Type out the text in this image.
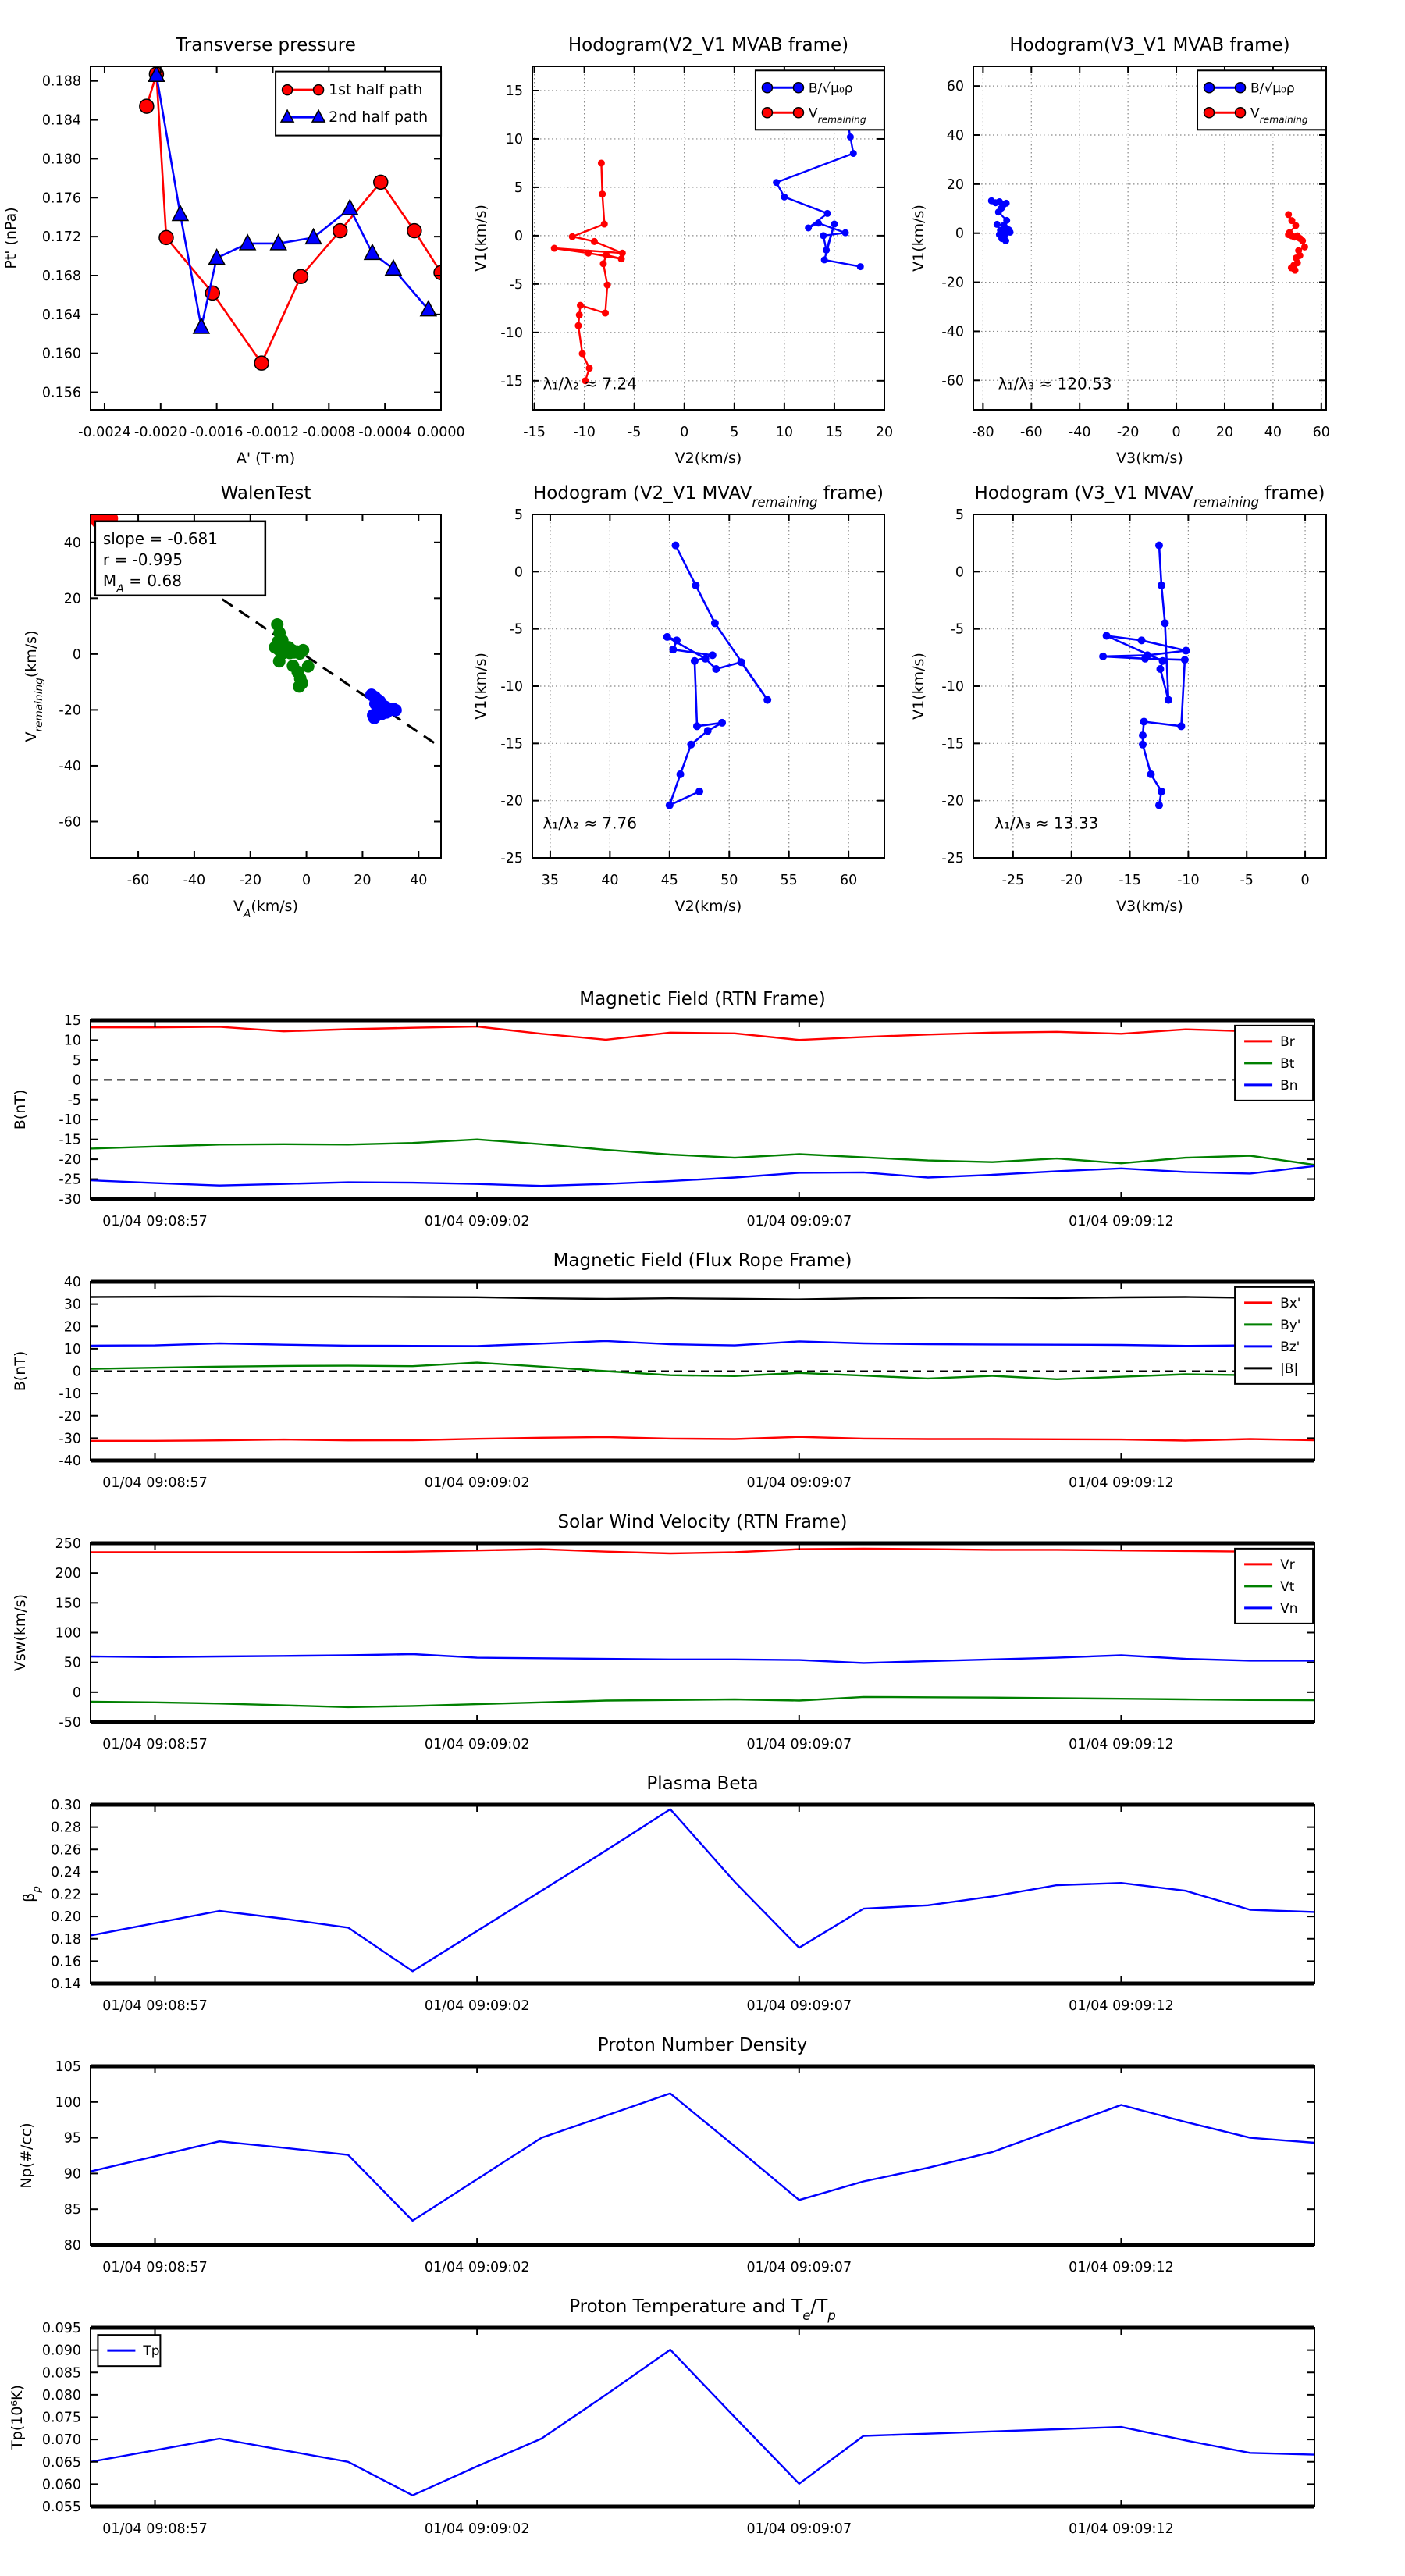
-0.0024 -0.0020 -0.0016 -0.0012 -0.0008 -0.0004 0.0000
0.156
0.160
0.164
0.168
0.172
0.176
0.180
0.184
0.188
Transverse pressure
A' (T·m)
Pt' (nPa)
1st half path
2nd half path
-15 -10 -5	0	5	10 15 20
-15
-10
-5
0
5
10
15
Hodogram(V2_V1 MVAB frame)
V2(km/s)
V1(km/s)
B/√μ₀ρ
$V_{remaining}$
λ₁/λ₂ ≈ 7.24
-80 -60 -40 -20 0	20 40 60
-60
-40
-20
0
20
40
60
Hodogram(V3_V1 MVAB frame)
V3(km/s)
V1(km/s)
B/√μ₀ρ
$V_{remaining}$
λ₁/λ₃ ≈ 120.53
-60 -40 -20	0	20	40
-60
-40
-20
0
20
40
WalenTest
$V_A(km/s)$
$V_{remaining}(km/s)$
slope = -0.681
r = -0.995
$M_A = 0.68$
35	40	45	50	55	60
-25
-20
-15
-10
-5
0
5
Hodogram (V2_V1 $MVAV_{remaining}$ frame)
V2(km/s)
V1(km/s)
λ₁/λ₂ ≈ 7.76
-25	-20	-15	-10	-5	0
-25
-20
-15
-10
-5
0
5
Hodogram (V3_V1 $MVAV_{remaining}$ frame)
V3(km/s)
V1(km/s)
λ₁/λ₃ ≈ 13.33
01/04 09:08:57	01/04 09:09:02	01/04 09:09:07	01/04 09:09:12
-30
-25
-20
-15
-10
-5
0
5
10
15
Magnetic Field (RTN Frame)
B(nT)
Br
Bt
Bn
01/04 09:08:57	01/04 09:09:02	01/04 09:09:07	01/04 09:09:12
-40
-30
-20
-10
0
10
20
30
40
Magnetic Field (Flux Rope Frame)
B(nT)
Bx'
By'
Bz'
|B|
01/04 09:08:57	01/04 09:09:02	01/04 09:09:07	01/04 09:09:12
-50
0
50
100
150
200
250
Solar Wind Velocity (RTN Frame)
Vsw(km/s)
Vr
Vt
Vn
01/04 09:08:57	01/04 09:09:02	01/04 09:09:07	01/04 09:09:12
0.14
0.16
0.18
0.20
0.22
0.24
0.26
0.28
0.30
Plasma Beta
$\beta_p$
01/04 09:08:57	01/04 09:09:02	01/04 09:09:07	01/04 09:09:12
80
85
90
95
100
105
Proton Number Density
Np(#/cc)
01/04 09:08:57	01/04 09:09:02	01/04 09:09:07	01/04 09:09:12
0.055
0.060
0.065
0.070
0.075
0.080
0.085
0.090
0.095
Proton Temperature and $T_e/T_p$
Tp(10⁶K)
Tp
